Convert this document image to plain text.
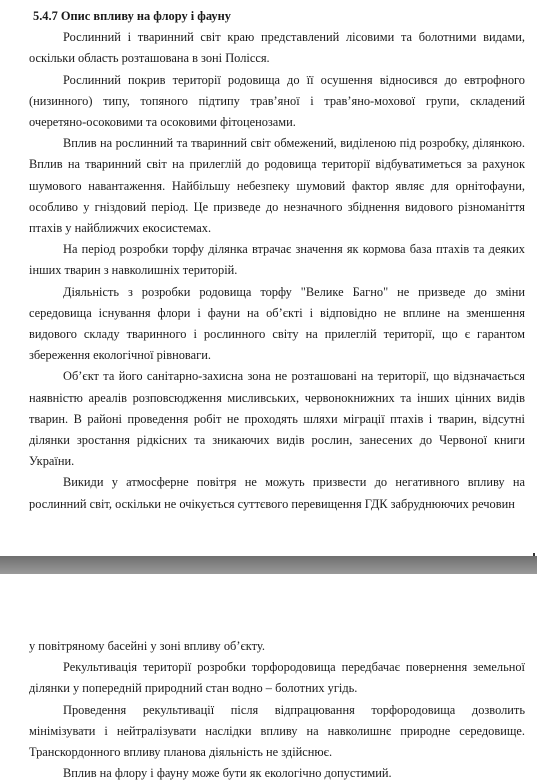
5.4.7 Опис впливу на флору і фауну

Рослинний і тваринний світ краю представлений лісовими та болотними видами, оскільки область розташована в зоні Полісся.

Рослинний покрив території родовища до її осушення відносився до евтрофного (низинного) типу, топяного підтипу трав’яної і трав’яно-мохової групи, складений очеретяно-осоковими та осоковими фітоценозами.

Вплив на рослинний та тваринний світ обмежений, виділеною під розробку, ділянкою. Вплив на тваринний світ на прилеглій до родовища території відбуватиметься за рахунок шумового навантаження. Найбільшу небезпеку шумовий фактор являє для орнітофауни, особливо у гніздовий період. Це призведе до незначного збіднення видового різноманіття птахів у найближчих екосистемах.

На період розробки торфу ділянка втрачає значення як кормова база птахів та деяких інших тварин з навколишніх територій.

Діяльність з розробки родовища торфу "Велике Багно" не призведе до зміни середовища існування флори і фауни на об’єкті і відповідно не вплине на зменшення видового складу тваринного і рослинного світу на прилеглій території, що є гарантом збереження екологічної рівноваги.

Об’єкт та його санітарно-захисна зона не розташовані на території, що відзначається наявністю ареалів розповсюдження мисливських, червонокнижних та інших цінних видів тварин. В районі проведення робіт не проходять шляхи міграції птахів і тварин, відсутні ділянки зростання рідкісних та зникаючих видів рослин, занесених до Червоної книги України.

Викиди у атмосферне повітря не можуть призвести до негативного впливу на рослинний світ, оскільки не очікується суттєвого перевищення ГДК забруднюючих речовин

у повітряному басейні у зоні впливу об’єкту.

Рекультивація території розробки торфородовища передбачає повернення земельної ділянки у попередній природний стан водно – болотних угідь.

Проведення рекультивації після відпрацювання торфородовища дозволить мінімізувати і нейтралізувати наслідки впливу на навколишнє природне середовище. Транскордонного впливу планова діяльність не здійснює.

Вплив на флору і фауну може бути як екологічно допустимий.
